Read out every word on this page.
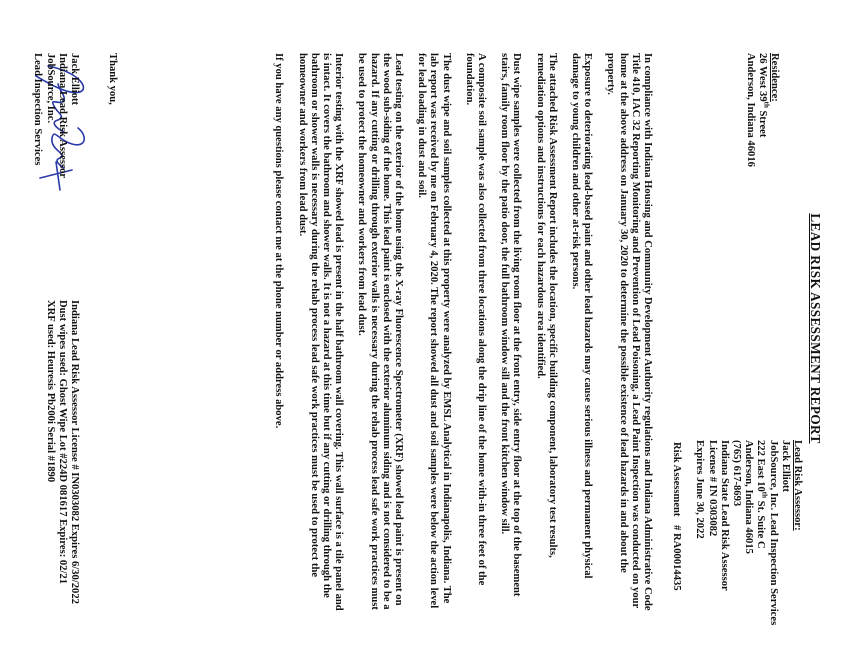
LEAD RISK ASSESSMENT REPORT
Residence:
26 West 39th Street
Anderson, Indiana 46016
Lead Risk Assessor:
Jack Elliott
JobSource, Inc. Lead Inspection Services
222 East 10th St. Suite C
Anderson, Indiana 46015
(765) 617-8693
Indiana State Lead Risk Assessor
License # IN 0303082
Expires June 30, 2022
Risk Assessment
# RA00014435

In compliance with Indiana Housing and Community Development Authority regulations and Indiana Administrative Code Title 410, IAC 32 Reporting Monitoring and Prevention of Lead Poisoning, a Lead Paint Inspection was conducted on your home at the above address on January 30, 2020 to determine the possible existence of lead hazards in and about the property.

Exposure to deteriorating lead-based paint and other lead hazards may cause serious illness and permanent physical damage to young children and other at-risk persons.

The attached Risk Assessment Report includes the location, specific building component, laboratory test results, remediation options and instructions for each hazardous area identified.

Dust wipe samples were collected from the living room floor at the front entry, side entry floor at the top of the basement stairs, family room floor by the patio door, the full bathroom window sill and the front kitchen window sill.

A composite soil sample was also collected from three locations along the drip line of the home with-in three feet of the foundation.

The dust wipe and soil samples collected at this property were analyzed by EMSL Analytical in Indianapolis, Indiana. The lab report was received by me on February 4, 2020. The report showed all dust and soil samples were below the action level for lead loading in dust and soil.

Lead testing on the exterior of the home using the X-ray Fluorescence Spectrometer (XRF) showed lead paint is present on the wood sub-siding of the home. This lead paint is enclosed with the exterior aluminum siding and is not considered to be a hazard. If any cutting or drilling through exterior walls is necessary during the rehab process lead safe work practices must be used to protect the homeowner and workers from lead dust.

Interior testing with the XRF showed lead is present in the half bathroom wall covering. This wall surface is a tile panel and is intact. It covers the bathroom and shower walls. It is not a hazard at this time but if any cutting or drilling through the bathroom or shower walls is necessary during the rehab process lead safe work practices must be used to protect the homeowner and workers from lead dust.

If you have any questions please contact me at the phone number or address above.

Thank you,
Jack Elliott
Indiana Lead Risk Assessor
JobSource, Inc.
Lead Inspection Services
Indiana Lead Risk Assessor License # IN0303082 Expires 6/30/2022
Dust wipes used: Ghost Wipe Lot #224D 081617 Expires: 02/21
XRF used: Heuresis Pb200i Serial #1890
